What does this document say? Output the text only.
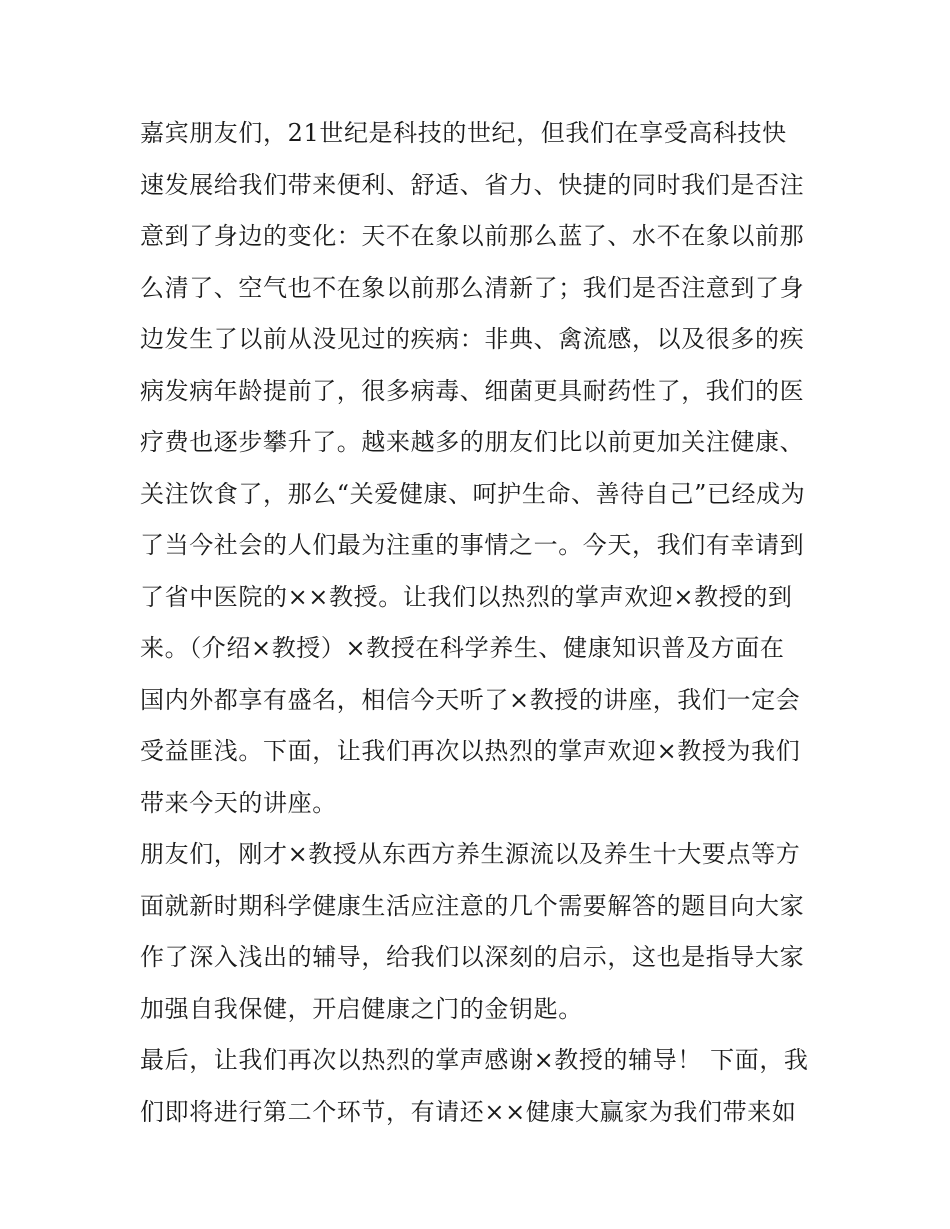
嘉宾朋友们，21世纪是科技的世纪，但我们在享受高科技快
速发展给我们带来便利、舒适、省力、快捷的同时我们是否注
意到了身边的变化：天不在象以前那么蓝了、水不在象以前那
么清了、空气也不在象以前那么清新了；我们是否注意到了身
边发生了以前从没见过的疾病：非典、禽流感，以及很多的疾
病发病年龄提前了，很多病毒、细菌更具耐药性了，我们的医
疗费也逐步攀升了。越来越多的朋友们比以前更加关注健康、
关注饮食了，那么“关爱健康、呵护生命、善待自己”已经成为
了当今社会的人们最为注重的事情之一。今天，我们有幸请到
了省中医院的××教授。让我们以热烈的掌声欢迎×教授的到
来。（介绍×教授）×教授在科学养生、健康知识普及方面在
国内外都享有盛名，相信今天听了×教授的讲座，我们一定会
受益匪浅。下面，让我们再次以热烈的掌声欢迎×教授为我们
带来今天的讲座。

朋友们，刚才×教授从东西方养生源流以及养生十大要点等方
面就新时期科学健康生活应注意的几个需要解答的题目向大家
作了深入浅出的辅导，给我们以深刻的启示，这也是指导大家
加强自我保健，开启健康之门的金钥匙。

最后，让我们再次以热烈的掌声感谢×教授的辅导！ 下面，我
们即将进行第二个环节，有请还××健康大赢家为我们带来如
